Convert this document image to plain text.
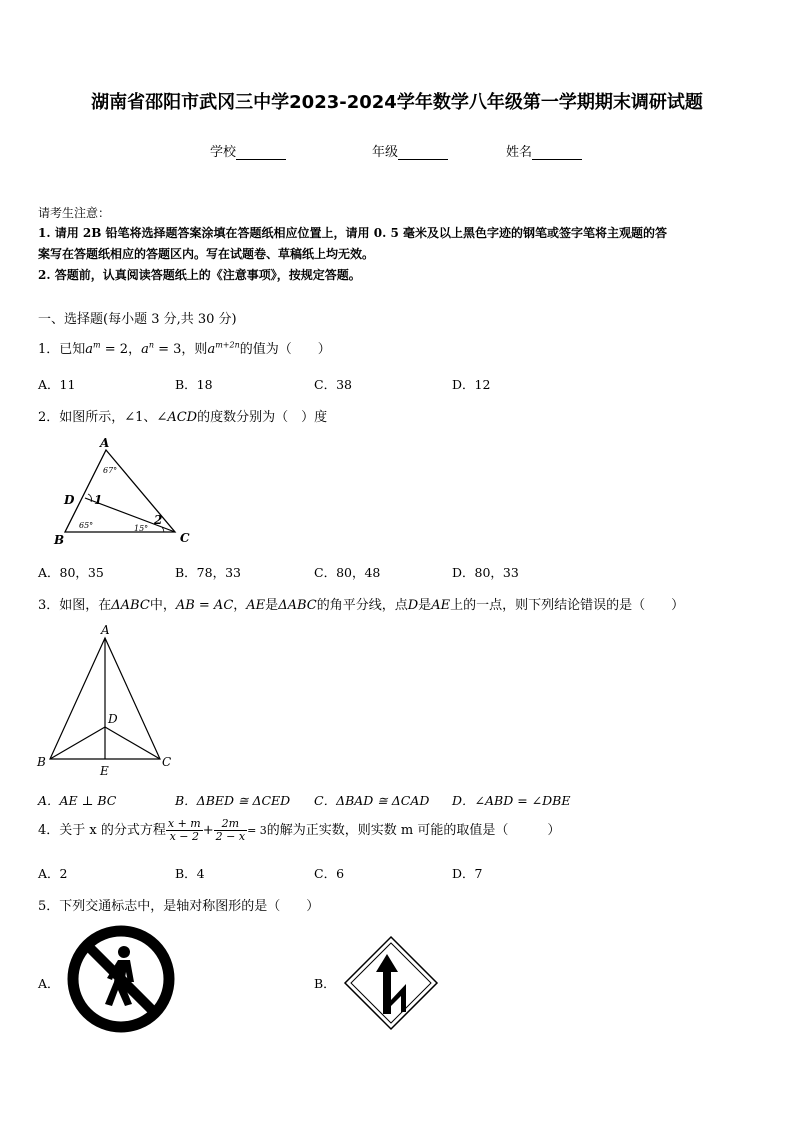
湖南省邵阳市武冈三中学2023-2024学年数学八年级第一学期期末调研试题
学校	年级	姓名
请考生注意：
1. 请用 2B 铅笔将选择题答案涂填在答题纸相应位置上，请用 0. 5 毫米及以上黑色字迹的钢笔或签字笔将主观题的答
案写在答题纸相应的答题区内。写在试题卷、草稿纸上均无效。
2. 答题前，认真阅读答题纸上的《注意事项》，按规定答题。
一、选择题(每小题 3 分,共 30 分)
1．已知$a^m = 2$，$a^n = 3$，则$a^{m+2n}$的值为（　　）
A．11	B．18	C．38	D．12
2．如图所示，∠1、∠ACD的度数分别为（　）度
A
D
B	C
67°
65°	15°
1
2
A．80，35	B．78，33	C．80，48	D．80，33
3．如图，在ΔABC中，AB = AC，AE是ΔABC的角平分线，点D是AE上的一点，则下列结论错误的是（　　）
A
D
B	C
E
A．AE ⊥ BC	B．ΔBED ≅ ΔCED C．ΔBAD ≅ ΔCAD D．∠ABD = ∠DBE
4．关于 x 的分式方程 $\frac{x + m}{x - 2} + \frac{2m}{2 - x} = 3$的解为正实数，则实数 m 可能的取值是（　　　）
A．2	B．4	C．6	D．7
5．下列交通标志中，是轴对称图形的是（　　）
A．	B．
